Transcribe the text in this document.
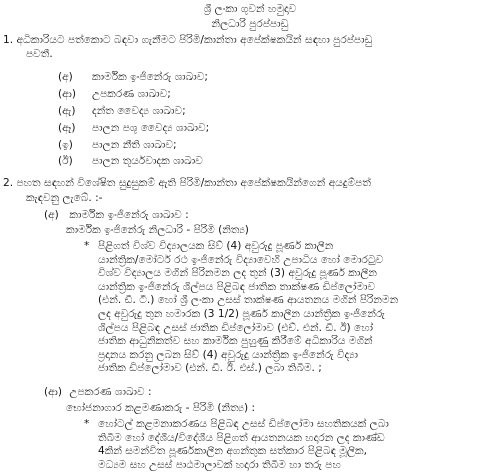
ශ්‍රී ලංකා ගුවන් හමුදාව
නිලධාරි පුරප්පාඩු
1. අධිකාරියට පත්කොට බඳවා ගැනීමට පිරිමි/කාන්තා අපේක්ෂකයින් සඳහා පුරප්පාඩු
පවතී.
(අ)	කාර්මික ඉංජිනේරු ශාඛාව;
(ආ)	උපකරණ ශාඛාව;
(ඇ)	දන්ත වෛද්‍ය ශාඛාව;
(ඈ)	පාලන පශු වෛද්‍ය ශාඛාව;
(ඉ)	පාලන නීති ශාඛාව;
(ඊ)	පාලන තූර්යවාදක ශාඛාව
2. පහත සඳහන් විශේෂිත සුදුසුකම් ඇති පිරිමි/කාන්තා අපේක්ෂකයින්ගෙන් අයදුම්පත්
කැඳවනු ලැබේ. :-
(අ) කාර්මික ඉංජිනේරු ශාඛාව :
කාර්මික ඉංජිනේරු නිලධාරි - පිරිමි (නිත්‍ය)
* පිළිගත් විශ්ව විද්‍යාලයක සිව් (4) අවුරුදු පූර්ණ කාලීන
යාන්ත්‍රික/මෝටර් රථ ඉංජිනේරු විද්‍යාවෙහි උපාධිය හෝ මොරටුව
විශ්ව විද්‍යාලය මගින් පිරිනමන ලද තුන් (3) අවුරුදු පූර්ණ කාලීන
යාන්ත්‍රික ඉංජිනේරු ශිල්පය පිළිබඳ ජාතික තාක්ෂණ ඩිප්ලෝමාව
(එන්. ඩී. ටී.) හෝ ශ්‍රී ලංකා උසස් තාක්ෂණ ආයතනය මගින් පිරිනමන
ලද අවුරුදු තුන හමාරක (3 1/2) පූර්ණ කාලීන යාන්ත්‍රික ඉංජිනේරු
ශිල්පය පිළිබඳ උසස් ජාතික ඩිප්ලෝමාව (එච්. එන්. ඩී. ඊ) හෝ
ජාතික ආධුනිකත්ව සහ කාර්මික පුහුණු කිරීමේ අධිකාරිය මගින්
ප්‍රදානය කරනු ලබන සිව් (4) අවුරුදු යාන්ත්‍රික ඉංජිනේරු විද්‍යා
ජාතික ඩිප්ලෝමාව (එන්. ඩී. ඊ. එස්.) ලබා තිබීම. ;
(ආ) උපකරණ ශාඛාව :
භෝජනාගාර කළමණාකරු - පිරිමි (නිත්‍ය) :
* හෝටල් කළමනාකරණය පිළිබඳ උසස් ඩිප්ලෝමා සහතිකයක් ලබා
තිබීම හෝ දේශීය/විදේශීය පිළිගත් ආයතනයක හදාරන ලද කාණ්ඩ
4කින් සමන්විත පූර්ණකාලීන අගන්තුක සත්කාර පිළිබඳ මූලික,
මධ්‍යම සහ උසස් පාඨමාලාවක් හදාරා තිබීම හා තරු පහ
